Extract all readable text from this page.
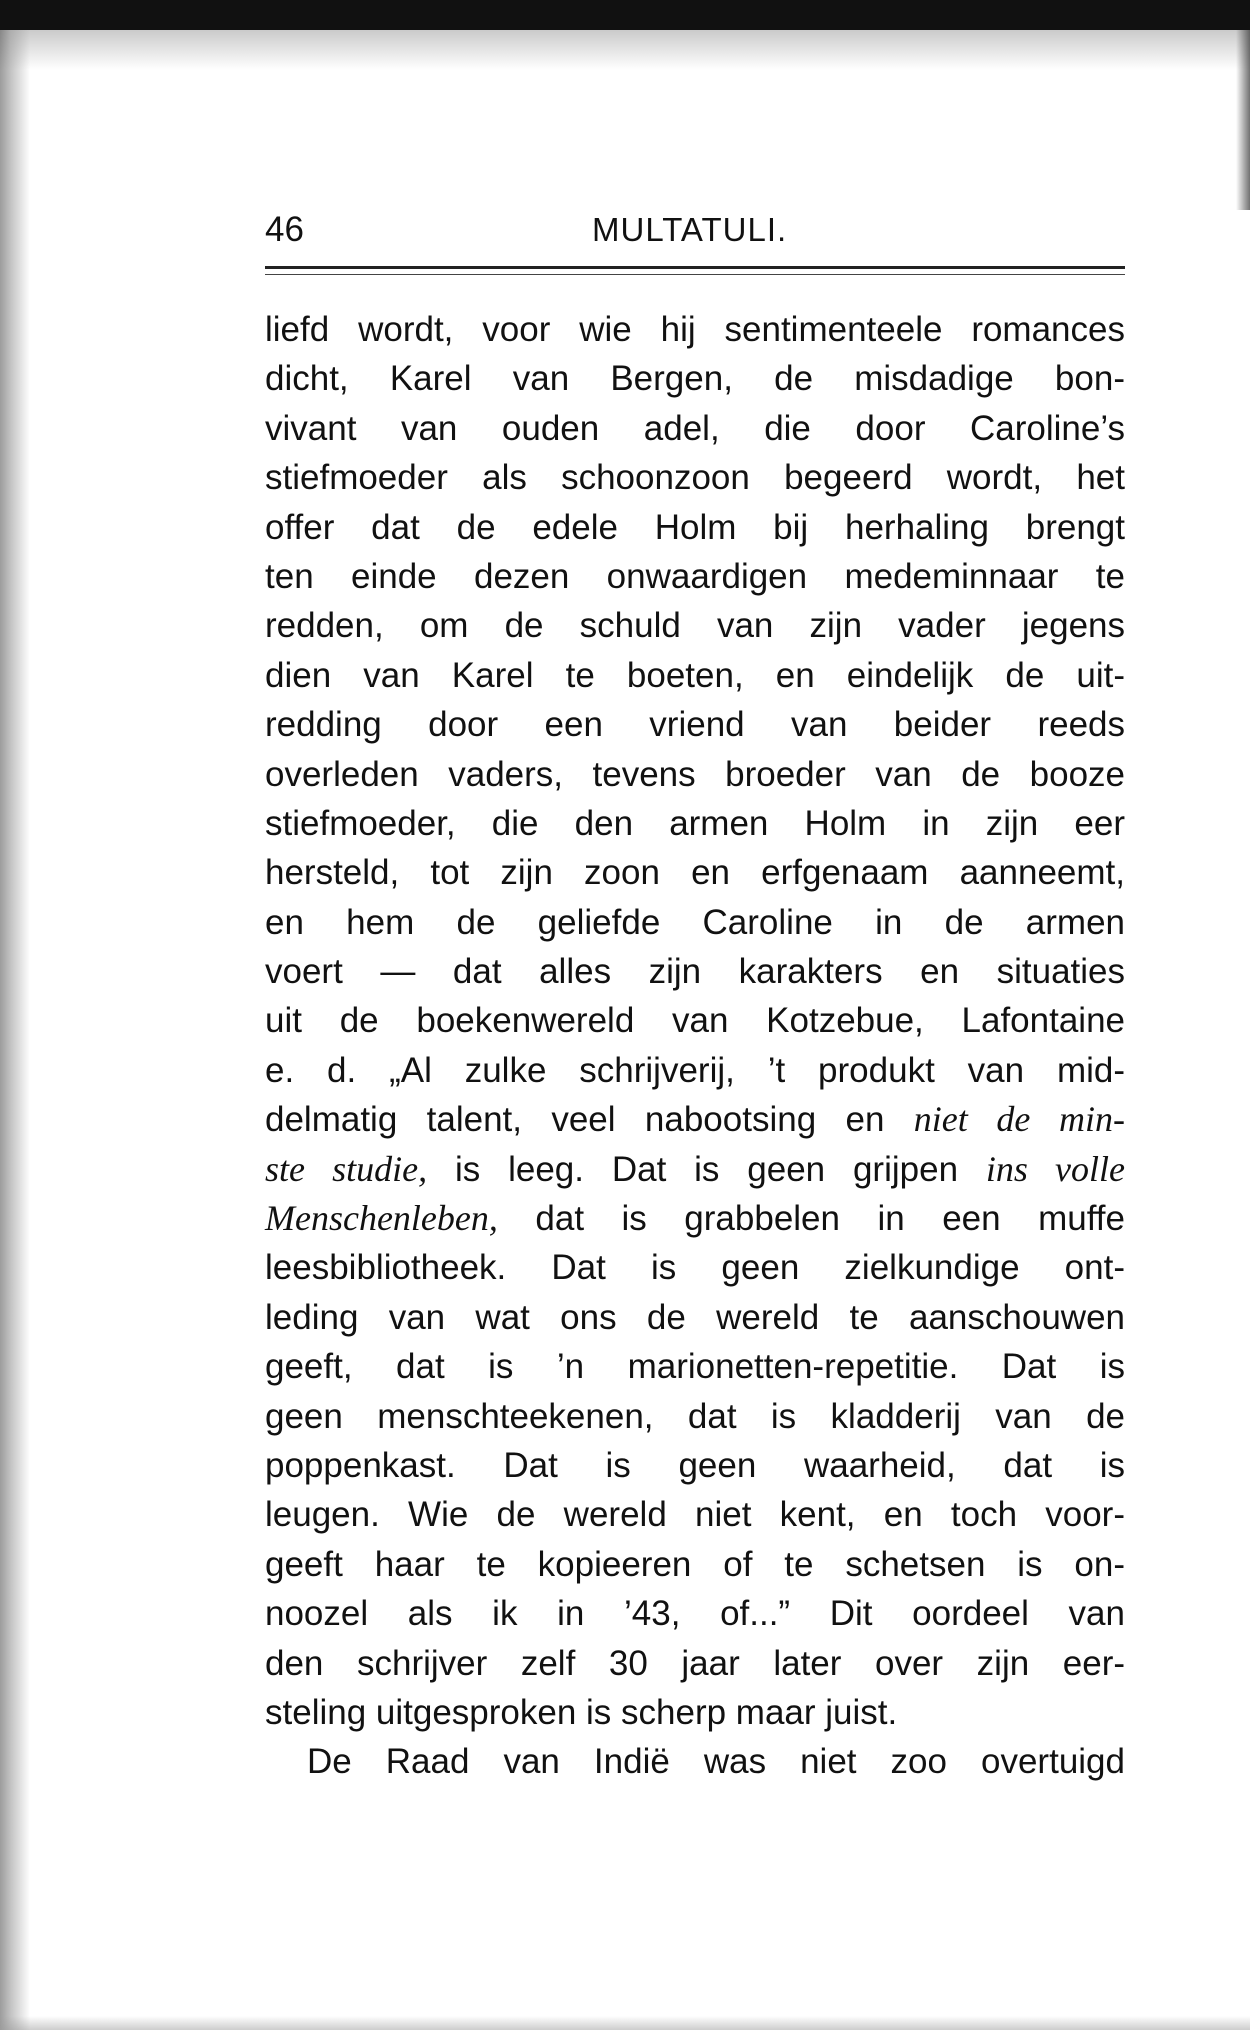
46	MULTATULI.
liefd wordt, voor wie hij sentimenteele romances
dicht, Karel van Bergen, de misdadige bon-
vivant van ouden adel, die door Caroline’s
stiefmoeder als schoonzoon begeerd wordt, het
offer dat de edele Holm bij herhaling brengt
ten einde dezen onwaardigen medeminnaar te
redden, om de schuld van zijn vader jegens
dien van Karel te boeten, en eindelijk de uit-
redding door een vriend van beider reeds
overleden vaders, tevens broeder van de booze
stiefmoeder, die den armen Holm in zijn eer
hersteld, tot zijn zoon en erfgenaam aanneemt,
en hem de geliefde Caroline in de armen
voert — dat alles zijn karakters en situaties
uit de boekenwereld van Kotzebue, Lafontaine
e. d. „Al zulke schrijverij, ’t produkt van mid-
delmatig talent, veel nabootsing en niet de min-
ste studie, is leeg. Dat is geen grijpen ins volle
Menschenleben, dat is grabbelen in een muffe
leesbibliotheek. Dat is geen zielkundige ont-
leding van wat ons de wereld te aanschouwen
geeft, dat is ’n marionetten-repetitie. Dat is
geen menschteekenen, dat is kladderij van de
poppenkast. Dat is geen waarheid, dat is
leugen. Wie de wereld niet kent, en toch voor-
geeft haar te kopieeren of te schetsen is on-
noozel als ik in ’43, of...” Dit oordeel van
den schrijver zelf 30 jaar later over zijn eer-
steling uitgesproken is scherp maar juist.
De Raad van Indië was niet zoo overtuigd
